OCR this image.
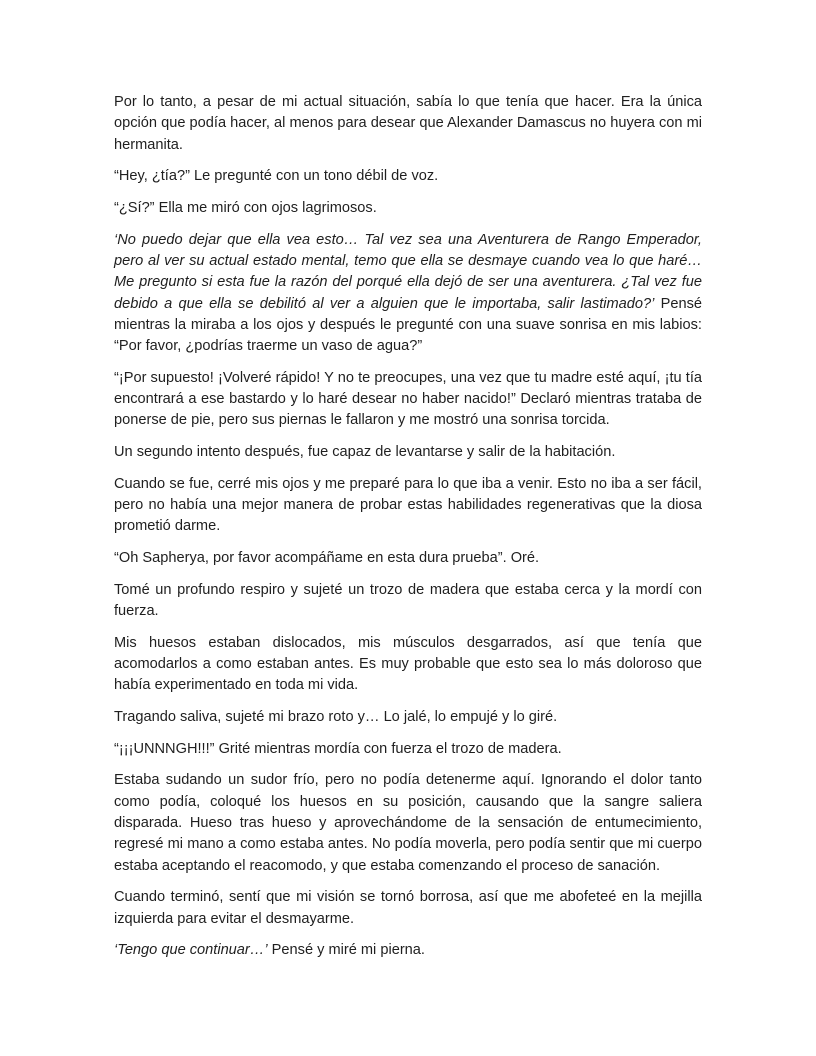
Por lo tanto, a pesar de mi actual situación, sabía lo que tenía que hacer. Era la única opción que podía hacer, al menos para desear que Alexander Damascus no huyera con mi hermanita.

“Hey, ¿tía?” Le pregunté con un tono débil de voz.

“¿Sí?” Ella me miró con ojos lagrimosos.

‘No puedo dejar que ella vea esto… Tal vez sea una Aventurera de Rango Emperador, pero al ver su actual estado mental, temo que ella se desmaye cuando vea lo que haré… Me pregunto si esta fue la razón del porqué ella dejó de ser una aventurera. ¿Tal vez fue debido a que ella se debilitó al ver a alguien que le importaba, salir lastimado?’ Pensé mientras la miraba a los ojos y después le pregunté con una suave sonrisa en mis labios: “Por favor, ¿podrías traerme un vaso de agua?”

“¡Por supuesto! ¡Volveré rápido! Y no te preocupes, una vez que tu madre esté aquí, ¡tu tía encontrará a ese bastardo y lo haré desear no haber nacido!” Declaró mientras trataba de ponerse de pie, pero sus piernas le fallaron y me mostró una sonrisa torcida.

Un segundo intento después, fue capaz de levantarse y salir de la habitación.

Cuando se fue, cerré mis ojos y me preparé para lo que iba a venir. Esto no iba a ser fácil, pero no había una mejor manera de probar estas habilidades regenerativas que la diosa prometió darme.

“Oh Sapherya, por favor acompáñame en esta dura prueba”. Oré.

Tomé un profundo respiro y sujeté un trozo de madera que estaba cerca y la mordí con fuerza.

Mis huesos estaban dislocados, mis músculos desgarrados, así que tenía que acomodarlos a como estaban antes. Es muy probable que esto sea lo más doloroso que había experimentado en toda mi vida.

Tragando saliva, sujeté mi brazo roto y… Lo jalé, lo empujé y lo giré.

“¡¡¡UNNNGH!!!” Grité mientras mordía con fuerza el trozo de madera.

Estaba sudando un sudor frío, pero no podía detenerme aquí. Ignorando el dolor tanto como podía, coloqué los huesos en su posición, causando que la sangre saliera disparada. Hueso tras hueso y aprovechándome de la sensación de entumecimiento, regresé mi mano a como estaba antes. No podía moverla, pero podía sentir que mi cuerpo estaba aceptando el reacomodo, y que estaba comenzando el proceso de sanación.

Cuando terminó, sentí que mi visión se tornó borrosa, así que me abofeteé en la mejilla izquierda para evitar el desmayarme.

‘Tengo que continuar…’ Pensé y miré mi pierna.
